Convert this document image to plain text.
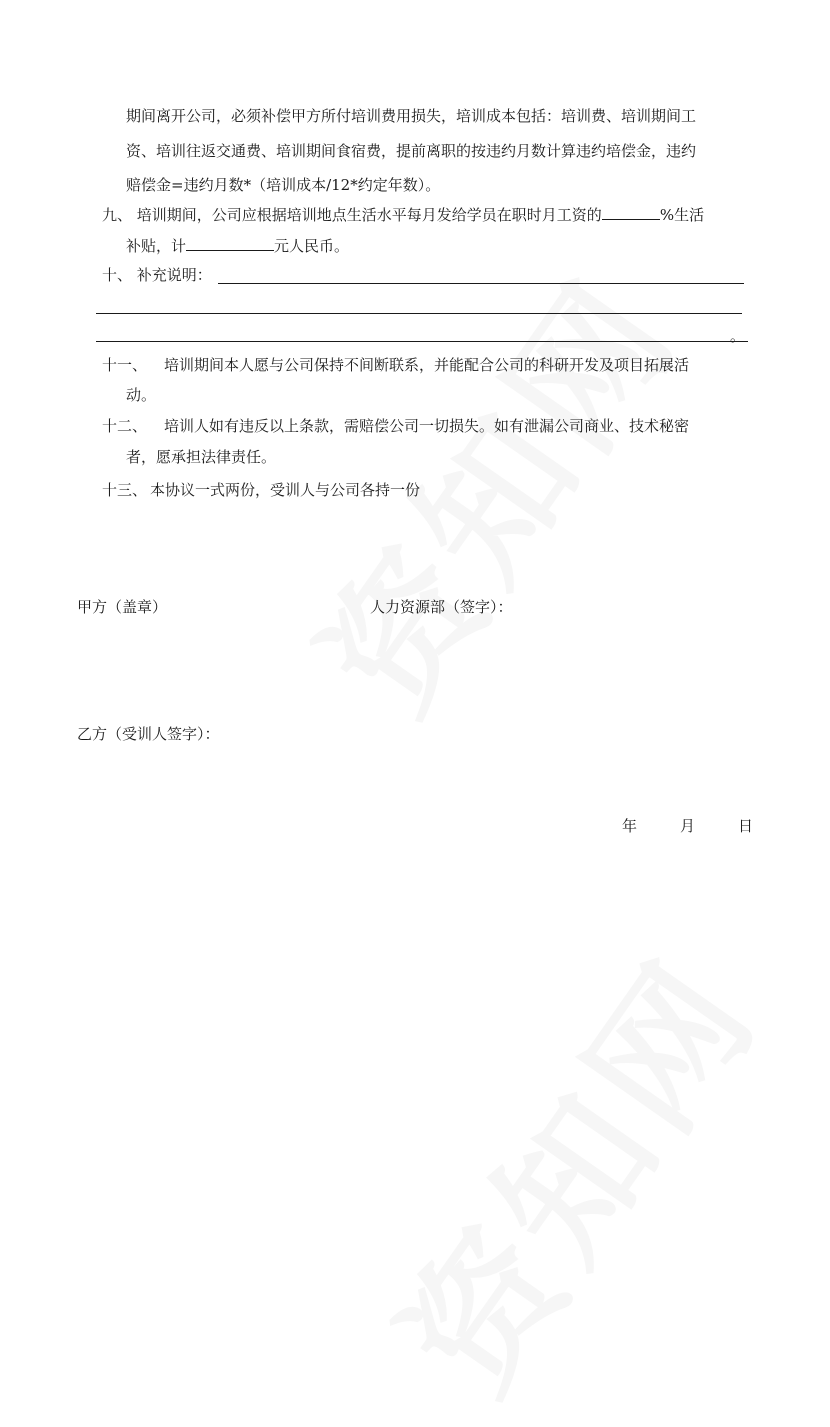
期间离开公司，必须补偿甲方所付培训费用损失，培训成本包括：培训费、培训期间工
资、培训往返交通费、培训期间食宿费，提前离职的按违约月数计算违约培偿金，违约
赔偿金=违约月数*（培训成本/12*约定年数）。
九、 培训期间，公司应根据培训地点生活水平每月发给学员在职时月工资的	%生活
补贴，计	元人民币。
十、 补充说明：
。
十一、 培训期间本人愿与公司保持不间断联系，并能配合公司的科研开发及项目拓展活
动。
十二、 培训人如有违反以上条款，需赔偿公司一切损失。如有泄漏公司商业、技术秘密
者，愿承担法律责任。
十三、 本协议一式两份，受训人与公司各持一份
甲方（盖章）	人力资源部（签字）：
乙方（受训人签字）：
年	月	日
